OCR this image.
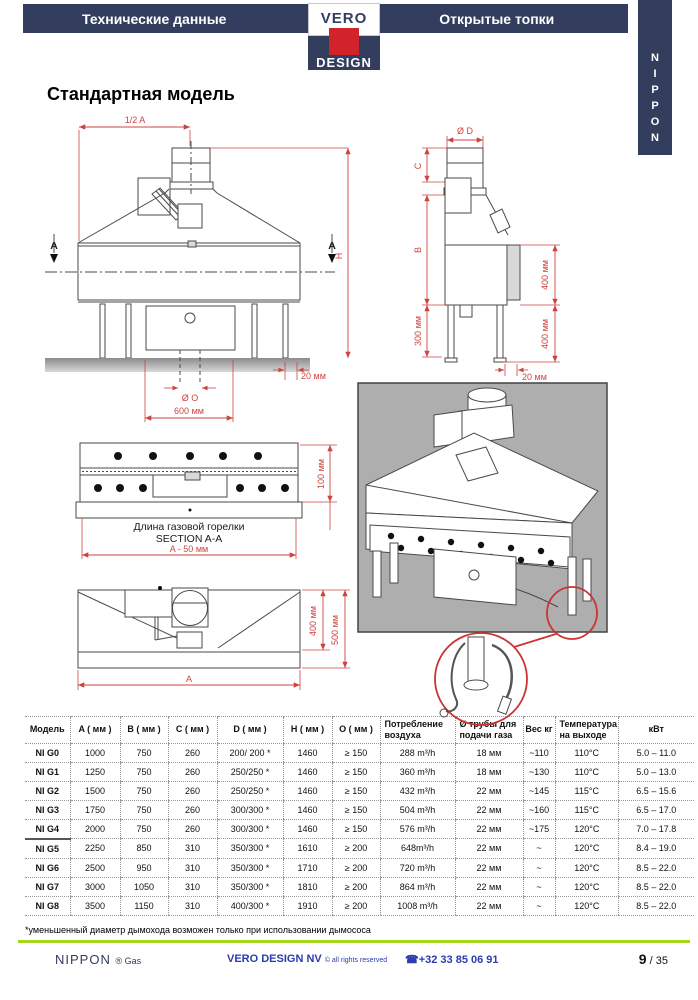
Технические данные	Открытые топки
VERO
DESIGN	N
I
P
P
O
N
Стандартная модель
1/2 A
A	A
H
20 мм
Ø O
600 мм
Ø D
C
B
300 мм
400 мм
400 мм
20 мм
Длина газовой горелки
SECTION A-A
A - 50 мм
100 мм
A
400 мм 500 мм
Модель	A ( мм )	B ( мм )	C ( мм )	D ( мм )	H ( мм )	O ( мм )	Потребление воздуха	Ø трубы для подачи газа	Вес кг	Температура на выходе	кВт
NI G0	1000	750	260	200/ 200 *	1460	≥ 150	288 m³/h	18 мм	~110	110°C	5.0 – 11.0
NI G1	1250	750	260	250/250 *	1460	≥ 150	360 m³/h	18 мм	~130	110°C	5.0 – 13.0
NI G2	1500	750	260	250/250 *	1460	≥ 150	432 m³/h	22 мм	~145	115°C	6.5 – 15.6
NI G3	1750	750	260	300/300 *	1460	≥ 150	504 m³/h	22 мм	~160	115°C	6.5 – 17.0
NI G4	2000	750	260	300/300 *	1460	≥ 150	576 m³/h	22 мм	~175	120°C	7.0 – 17.8
NI G5	2250	850	310	350/300 *	1610	≥ 200	648m³/h	22 мм	~	120°C	8.4 – 19.0
NI G6	2500	950	310	350/300 *	1710	≥ 200	720 m³/h	22 мм	~	120°C	8.5 – 22.0
NI G7	3000	1050	310	350/300 *	1810	≥ 200	864 m³/h	22 мм	~	120°C	8.5 – 22.0
NI G8	3500	1150	310	400/300 *	1910	≥ 200	1008 m³/h	22 мм	~	120°C	8.5 – 22.0
*уменьшенный диаметр дымохода возможен только при использовании дымососа
NIPPON ® Gas	VERO DESIGN NV © all rights reserved ☎+32 33 85 06 91	9 / 35
